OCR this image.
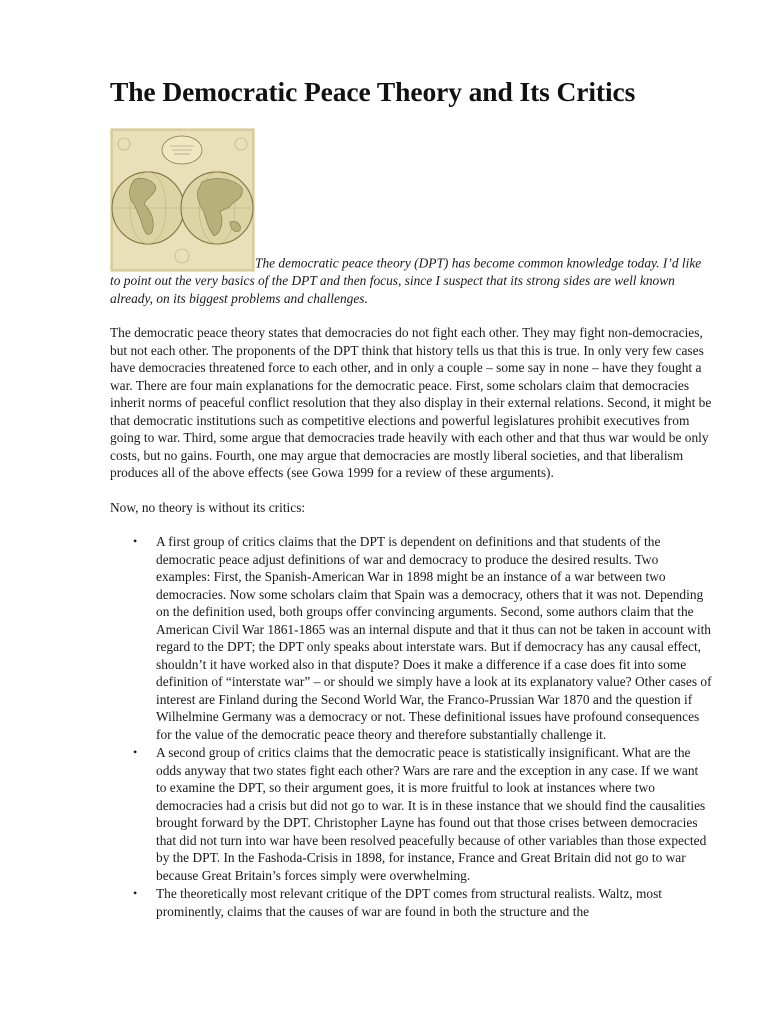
The Democratic Peace Theory and Its Critics
The democratic peace theory (DPT) has become common knowledge today. I’d like to point out the very basics of the DPT and then focus, since I suspect that its strong sides are well known already, on its biggest problems and challenges.

The democratic peace theory states that democracies do not fight each other. They may fight non-democracies, but not each other. The proponents of the DPT think that history tells us that this is true. In only very few cases have democracies threatened force to each other, and in only a couple – some say in none – have they fought a war. There are four main explanations for the democratic peace. First, some scholars claim that democracies inherit norms of peaceful conflict resolution that they also display in their external relations. Second, it might be that democratic institutions such as competitive elections and powerful legislatures prohibit executives from going to war. Third, some argue that democracies trade heavily with each other and that thus war would be only costs, but no gains. Fourth, one may argue that democracies are mostly liberal societies, and that liberalism produces all of the above effects (see Gowa 1999 for a review of these arguments).

Now, no theory is without its critics:

• A first group of critics claims that the DPT is dependent on definitions and that students of the democratic peace adjust definitions of war and democracy to produce the desired results. Two examples: First, the Spanish-American War in 1898 might be an instance of a war between two democracies. Now some scholars claim that Spain was a democracy, others that it was not. Depending on the definition used, both groups offer convincing arguments. Second, some authors claim that the American Civil War 1861-1865 was an internal dispute and that it thus can not be taken in account with regard to the DPT; the DPT only speaks about interstate wars. But if democracy has any causal effect, shouldn’t it have worked also in that dispute? Does it make a difference if a case does fit into some definition of “interstate war” – or should we simply have a look at its explanatory value? Other cases of interest are Finland during the Second World War, the Franco-Prussian War 1870 and the question if Wilhelmine Germany was a democracy or not. These definitional issues have profound consequences for the value of the democratic peace theory and therefore substantially challenge it.
• A second group of critics claims that the democratic peace is statistically insignificant. What are the odds anyway that two states fight each other? Wars are rare and the exception in any case. If we want to examine the DPT, so their argument goes, it is more fruitful to look at instances where two democracies had a crisis but did not go to war. It is in these instance that we should find the causalities brought forward by the DPT. Christopher Layne has found out that those crises between democracies that did not turn into war have been resolved peacefully because of other variables than those expected by the DPT. In the Fashoda-Crisis in 1898, for instance, France and Great Britain did not go to war because Great Britain’s forces simply were overwhelming.
• The theoretically most relevant critique of the DPT comes from structural realists. Waltz, most prominently, claims that the causes of war are found in both the structure and the
